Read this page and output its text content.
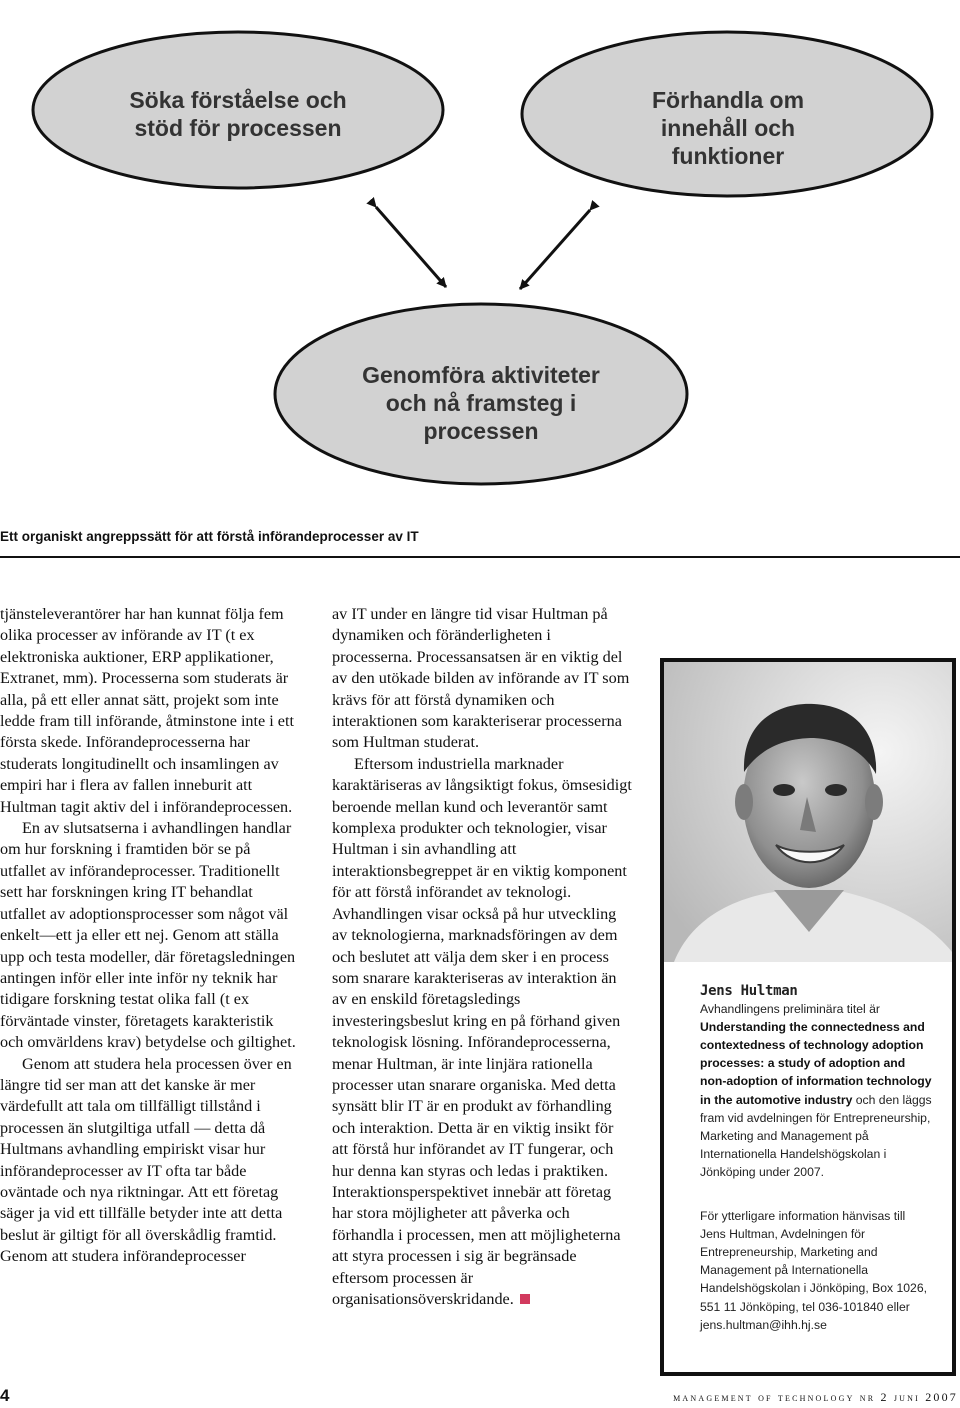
Söka förståelse och
stöd för processen
Förhandla om
innehåll och
funktioner
Genomföra aktiviteter
och nå framsteg i
processen
Ett organiskt angreppssätt för att förstå införandeprocesser av IT

tjänsteleverantörer har han kunnat följa fem olika processer av införande av IT (t ex elektroniska auktioner, ERP applikationer, Extranet, mm). Processerna som studerats är alla, på ett eller annat sätt, projekt som inte ledde fram till införande, åtminstone inte i ett första skede. Införandeprocesserna har studerats longitudinellt och insamlingen av empiri har i flera av fallen inneburit att Hultman tagit aktiv del i införandeprocessen.

En av slutsatserna i avhandlingen handlar om hur forskning i framtiden bör se på utfallet av införandeprocesser. Traditionellt sett har forskningen kring IT behandlat utfallet av adoptionsprocesser som något väl enkelt—ett ja eller ett nej. Genom att ställa upp och testa modeller, där företagsledningen antingen inför eller inte inför ny teknik har tidigare forskning testat olika fall (t ex förväntade vinster, företagets karakteristik och omvärldens krav) betydelse och giltighet.

Genom att studera hela processen över en längre tid ser man att det kanske är mer värdefullt att tala om tillfälligt tillstånd i processen än slutgiltiga utfall — detta då Hultmans avhandling empiriskt visar hur införandeprocesser av IT ofta tar både oväntade och nya riktningar. Att ett företag säger ja vid ett tillfälle betyder inte att detta beslut är giltigt för all överskådlig framtid. Genom att studera införandeprocesser

av IT under en längre tid visar Hultman på dynamiken och föränderligheten i processerna. Processansatsen är en viktig del av den utökade bilden av införande av IT som krävs för att förstå dynamiken och interaktionen som karakteriserar processerna som Hultman studerat.

Eftersom industriella marknader karaktäriseras av långsiktigt fokus, ömsesidigt beroende mellan kund och leverantör samt komplexa produkter och teknologier, visar Hultman i sin avhandling att interaktionsbegreppet är en viktig komponent för att förstå införandet av teknologi. Avhandlingen visar också på hur utveckling av teknologierna, marknadsföringen av dem och beslutet att välja dem sker i en process som snarare karakteriseras av interaktion än av en enskild företagsledings investeringsbeslut kring en på förhand given teknologisk lösning. Införandeprocesserna, menar Hultman, är inte linjära rationella processer utan snarare organiska. Med detta synsätt blir IT är en produkt av förhandling och interaktion. Detta är en viktig insikt för att förstå hur införandet av IT fungerar, och hur denna kan styras och ledas i praktiken. Interaktionsperspektivet innebär att företag har stora möjligheter att påverka och förhandla i processen, men att möjligheterna att styra processen i sig är begränsade eftersom processen är organisationsöverskridande.

Jens Hultman

Avhandlingens preliminära titel är Understanding the connectedness and contextedness of technology adoption processes: a study of adoption and non-adoption of information technology in the automotive industry och den läggs fram vid avdelningen för Entrepreneurship, Marketing and Management på Internationella Handelshögskolan i Jönköping under 2007.

För ytterligare information hänvisas till Jens Hultman, Avdelningen för Entrepreneurship, Marketing and Management på Internationella Handelshögskolan i Jönköping, Box 1026, 551 11 Jönköping, tel 036-101840 eller jens.hultman@ihh.hj.se

4	management of technology nr 2 juni 2007
